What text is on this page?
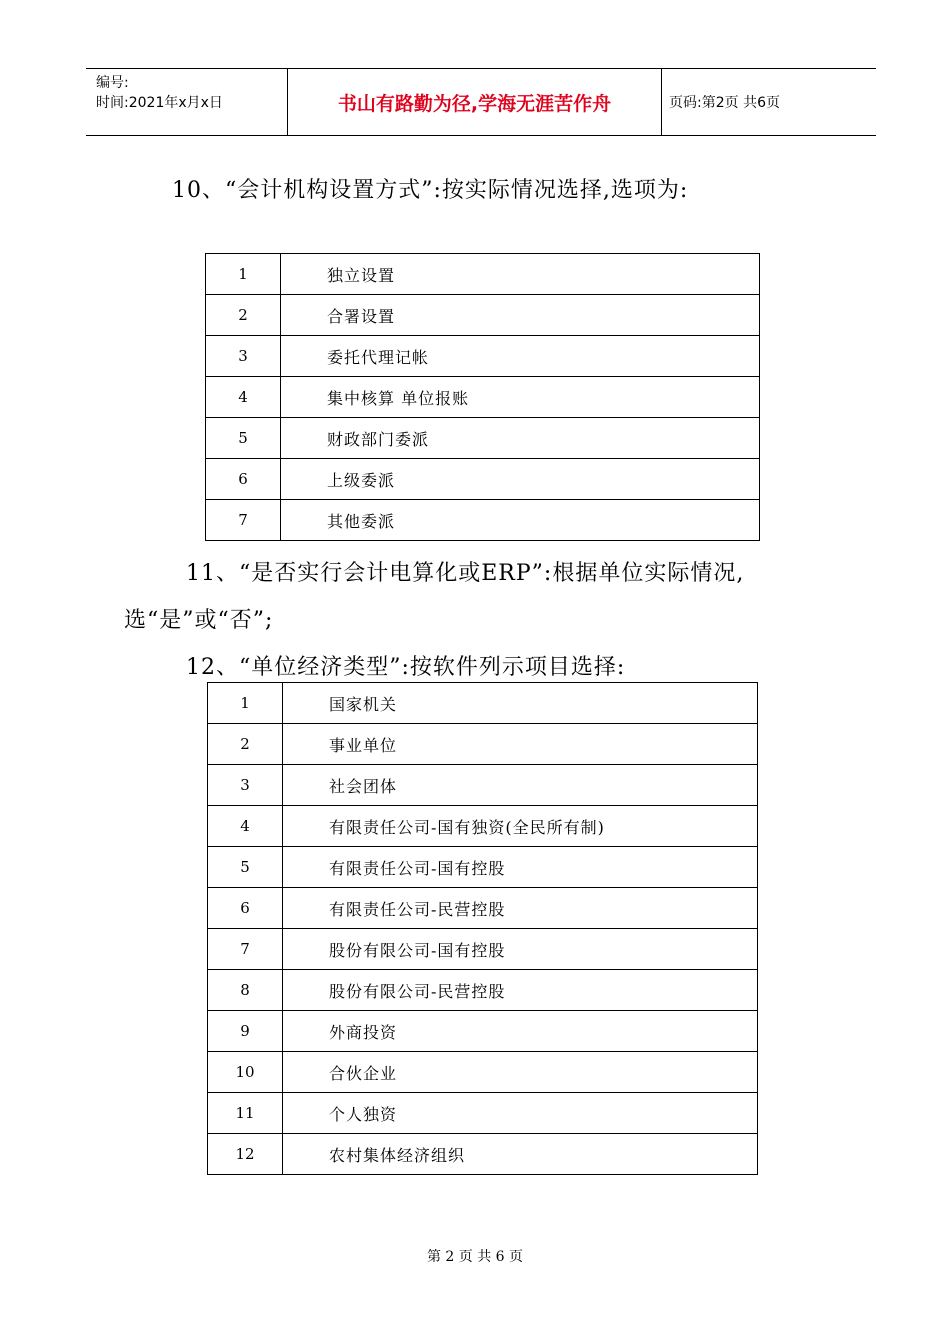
编号:
时间:2021年x月x日	书山有路勤为径,学海无涯苦作舟	页码:第2页 共6页
10、“会计机构设置方式”:按实际情况选择,选项为:
1	独立设置
2	合署设置
3	委托代理记帐
4	集中核算 单位报账
5	财政部门委派
6	上级委派
7	其他委派
11、“是否实行会计电算化或ERP”:根据单位实际情况,
选“是”或“否”;
12、“单位经济类型”:按软件列示项目选择:
1	国家机关
2	事业单位
3	社会团体
4	有限责任公司-国有独资(全民所有制)
5	有限责任公司-国有控股
6	有限责任公司-民营控股
7	股份有限公司-国有控股
8	股份有限公司-民营控股
9	外商投资
10	合伙企业
11	个人独资
12	农村集体经济组织
第 2 页 共 6 页
